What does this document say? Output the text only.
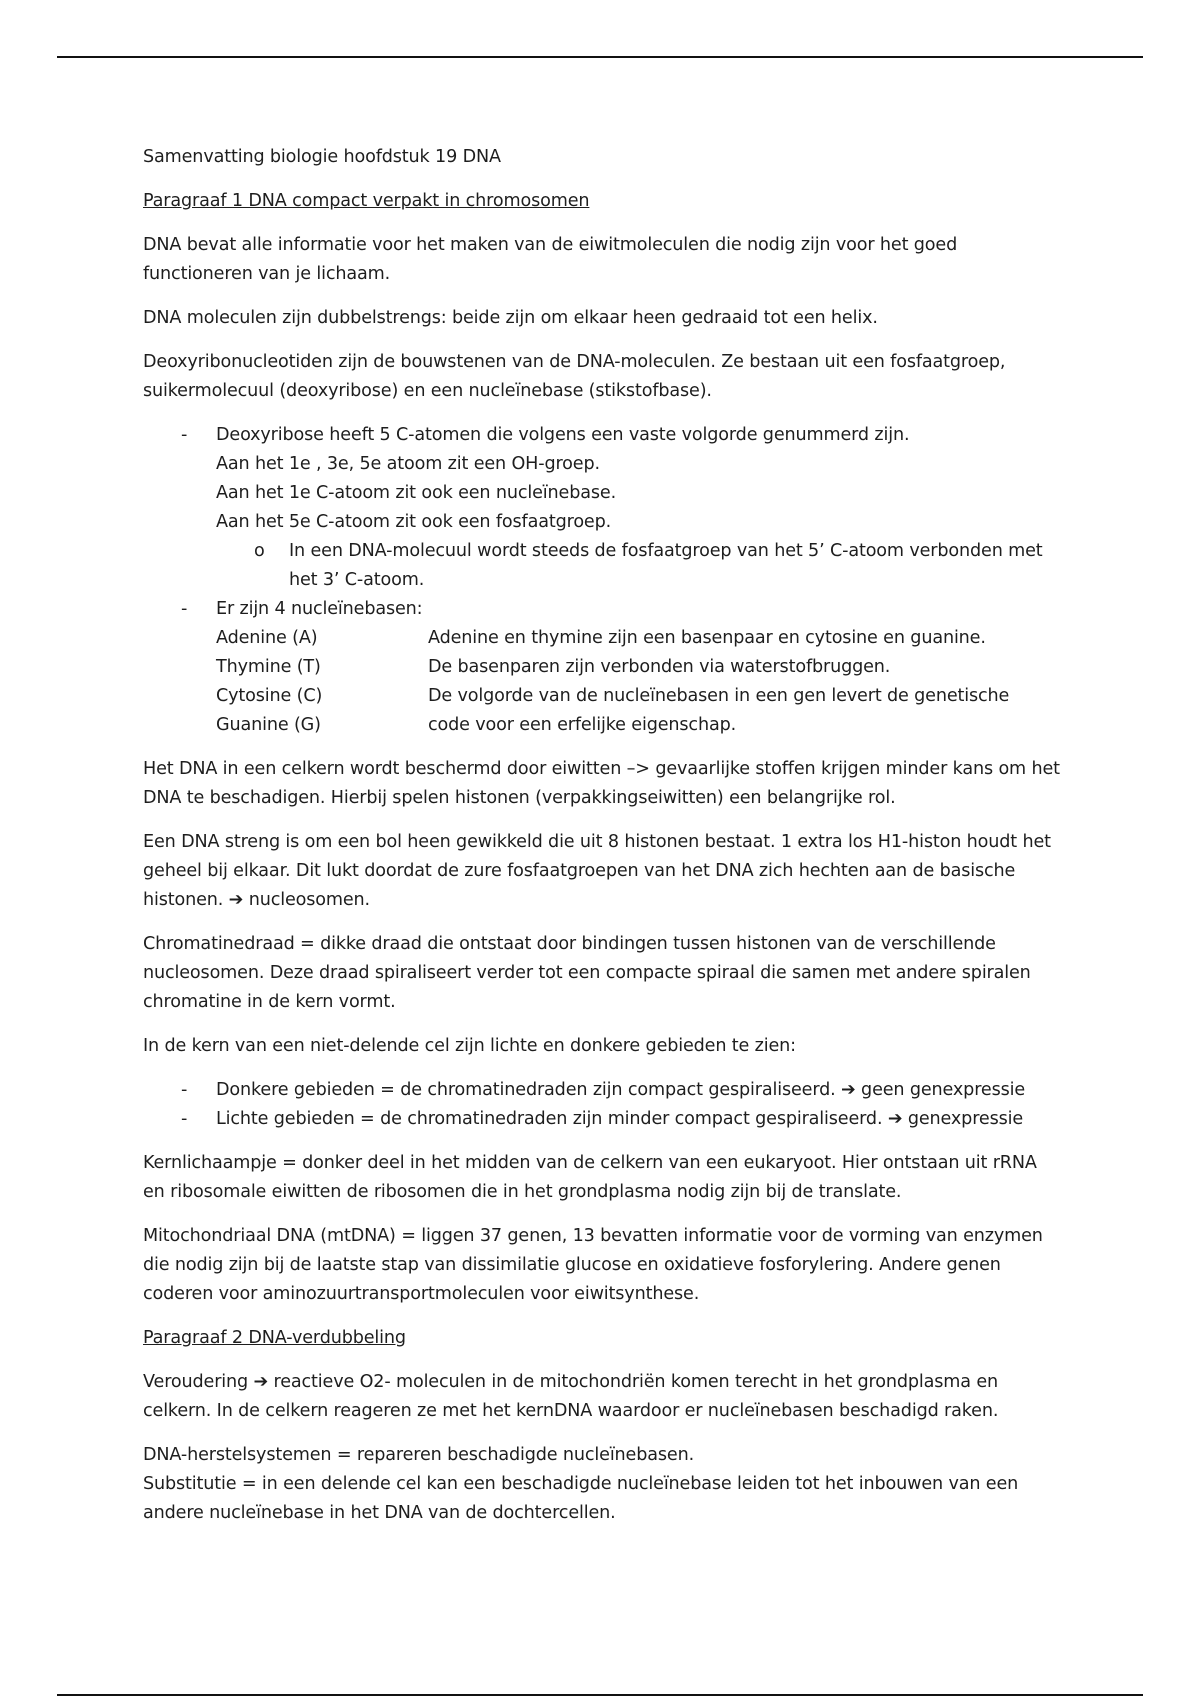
Samenvatting biologie hoofdstuk 19 DNA

Paragraaf 1 DNA compact verpakt in chromosomen

DNA bevat alle informatie voor het maken van de eiwitmoleculen die nodig zijn voor het goed functioneren van je lichaam.

DNA moleculen zijn dubbelstrengs: beide zijn om elkaar heen gedraaid tot een helix.

Deoxyribonucleotiden zijn de bouwstenen van de DNA-moleculen. Ze bestaan uit een fosfaatgroep, suikermolecuul (deoxyribose) en een nucleïnebase (stikstofbase).

- Deoxyribose heeft 5 C-atomen die volgens een vaste volgorde genummerd zijn.
Aan het 1e , 3e, 5e atoom zit een OH-groep.
Aan het 1e C-atoom zit ook een nucleïnebase.
Aan het 5e C-atoom zit ook een fosfaatgroep.
o In een DNA-molecuul wordt steeds de fosfaatgroep van het 5’ C-atoom verbonden met het 3’ C-atoom.
- Er zijn 4 nucleïnebasen:
Adenine (A)	Adenine en thymine zijn een basenpaar en cytosine en guanine.
Thymine (T)	De basenparen zijn verbonden via waterstofbruggen.
Cytosine (C)	De volgorde van de nucleïnebasen in een gen levert de genetische
Guanine (G)	code voor een erfelijke eigenschap.

Het DNA in een celkern wordt beschermd door eiwitten –> gevaarlijke stoffen krijgen minder kans om het DNA te beschadigen. Hierbij spelen histonen (verpakkingseiwitten) een belangrijke rol.

Een DNA streng is om een bol heen gewikkeld die uit 8 histonen bestaat. 1 extra los H1-histon houdt het geheel bij elkaar. Dit lukt doordat de zure fosfaatgroepen van het DNA zich hechten aan de basische histonen. ➔ nucleosomen.

Chromatinedraad = dikke draad die ontstaat door bindingen tussen histonen van de verschillende nucleosomen. Deze draad spiraliseert verder tot een compacte spiraal die samen met andere spiralen chromatine in de kern vormt.

In de kern van een niet-delende cel zijn lichte en donkere gebieden te zien:

- Donkere gebieden = de chromatinedraden zijn compact gespiraliseerd. ➔ geen genexpressie
- Lichte gebieden = de chromatinedraden zijn minder compact gespiraliseerd. ➔ genexpressie

Kernlichaampje = donker deel in het midden van de celkern van een eukaryoot. Hier ontstaan uit rRNA en ribosomale eiwitten de ribosomen die in het grondplasma nodig zijn bij de translate.

Mitochondriaal DNA (mtDNA) = liggen 37 genen, 13 bevatten informatie voor de vorming van enzymen die nodig zijn bij de laatste stap van dissimilatie glucose en oxidatieve fosforylering. Andere genen coderen voor aminozuurtransportmoleculen voor eiwitsynthese.

Paragraaf 2 DNA-verdubbeling

Veroudering ➔ reactieve O2- moleculen in de mitochondriën komen terecht in het grondplasma en celkern. In de celkern reageren ze met het kernDNA waardoor er nucleïnebasen beschadigd raken.

DNA-herstelsystemen = repareren beschadigde nucleïnebasen.

Substitutie = in een delende cel kan een beschadigde nucleïnebase leiden tot het inbouwen van een andere nucleïnebase in het DNA van de dochtercellen.
